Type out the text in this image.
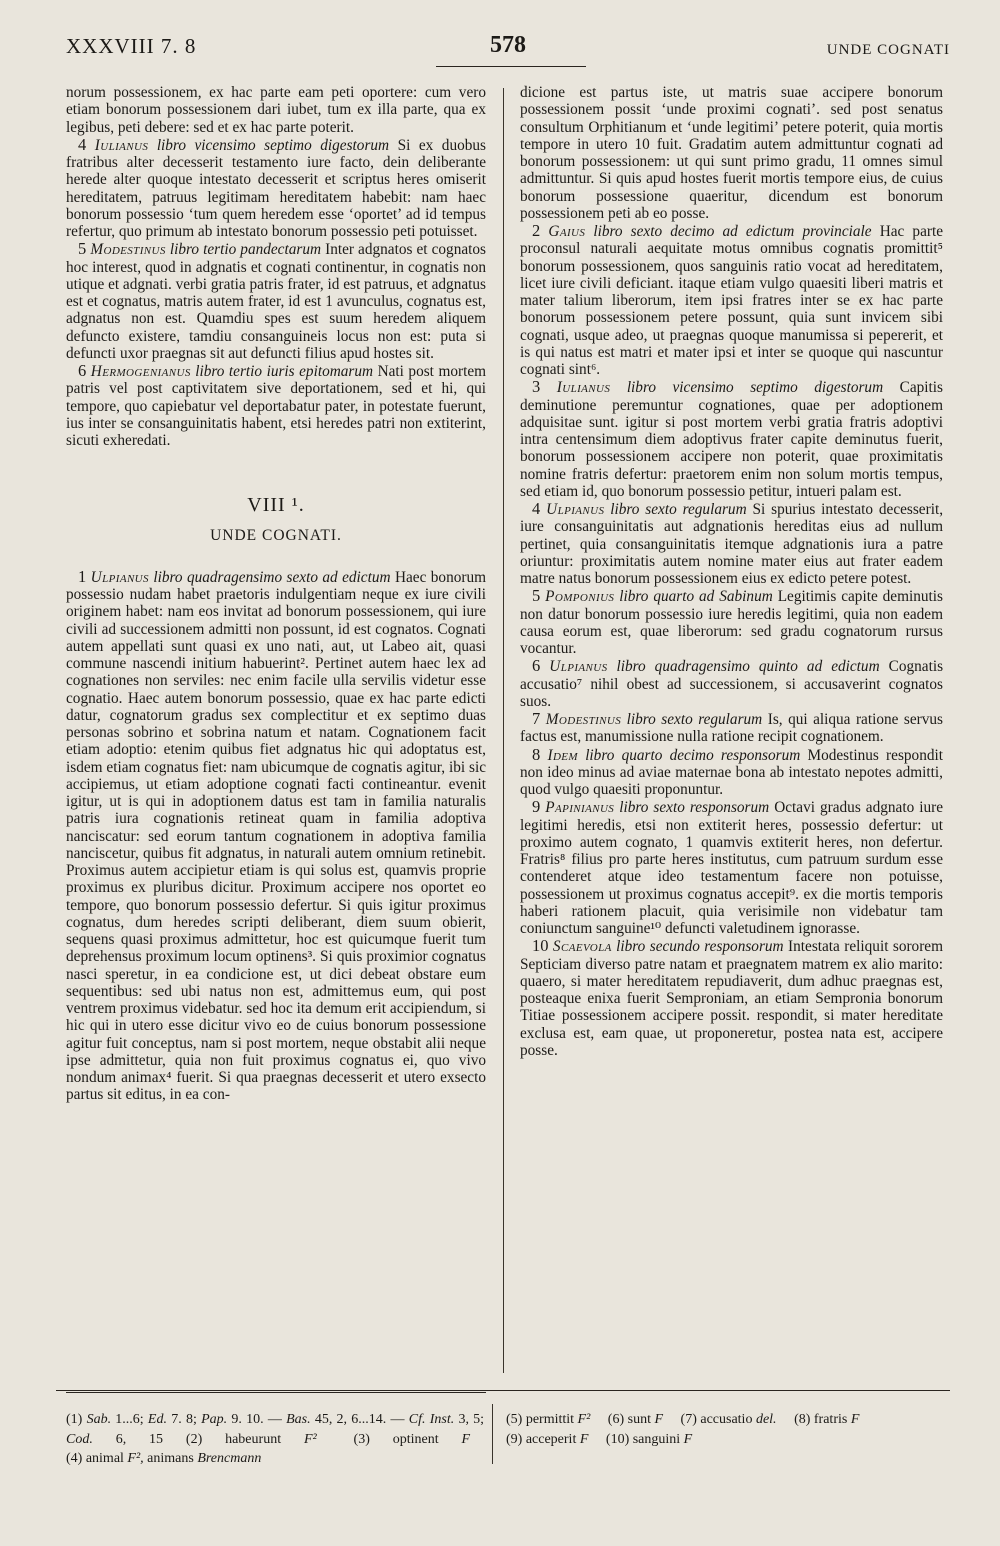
XXXVIII 7. 8	578	UNDE COGNATI

norum possessionem, ex hac parte eam peti oportere: cum vero etiam bonorum possessionem dari iubet, tum ex illa parte, qua ex legibus, peti debere: sed et ex hac parte poterit.

4 Iulianus libro vicensimo septimo digestorum Si ex duobus fratribus alter decesserit testamento iure facto, dein deliberante herede alter quoque intestato decesserit et scriptus heres omiserit hereditatem, patruus legitimam hereditatem habebit: nam haec bonorum possessio ‘tum quem heredem esse ‘oportet’ ad id tempus refertur, quo primum ab intestato bonorum possessio peti potuisset.

5 Modestinus libro tertio pandectarum Inter adgnatos et cognatos hoc interest, quod in adgnatis et cognati continentur, in cognatis non utique et adgnati. verbi gratia patris frater, id est patruus, et adgnatus est et cognatus, matris autem frater, id est 1 avunculus, cognatus est, adgnatus non est. Quamdiu spes est suum heredem aliquem defuncto existere, tamdiu consanguineis locus non est: puta si defuncti uxor praegnas sit aut defuncti filius apud hostes sit.

6 Hermogenianus libro tertio iuris epitomarum Nati post mortem patris vel post captivitatem sive deportationem, sed et hi, qui tempore, quo capiebatur vel deportabatur pater, in potestate fuerunt, ius inter se consanguinitatis habent, etsi heredes patri non extiterint, sicuti exheredati.

VIII ¹.
UNDE COGNATI.

1 Ulpianus libro quadragensimo sexto ad edictum Haec bonorum possessio nudam habet praetoris indulgentiam neque ex iure civili originem habet: nam eos invitat ad bonorum possessionem, qui iure civili ad successionem admitti non possunt, id est cognatos. Cognati autem appellati sunt quasi ex uno nati, aut, ut Labeo ait, quasi commune nascendi initium habuerint². Pertinet autem haec lex ad cognationes non serviles: nec enim facile ulla servilis videtur esse cognatio. Haec autem bonorum possessio, quae ex hac parte edicti datur, cognatorum gradus sex complectitur et ex septimo duas personas sobrino et sobrina natum et natam. Cognationem facit etiam adoptio: etenim quibus fiet adgnatus hic qui adoptatus est, isdem etiam cognatus fiet: nam ubicumque de cognatis agitur, ibi sic accipiemus, ut etiam adoptione cognati facti contineantur. evenit igitur, ut is qui in adoptionem datus est tam in familia naturalis patris iura cognationis retineat quam in familia adoptiva nanciscatur: sed eorum tantum cognationem in adoptiva familia nanciscetur, quibus fit adgnatus, in naturali autem omnium retinebit. Proximus autem accipietur etiam is qui solus est, quamvis proprie proximus ex pluribus dicitur. Proximum accipere nos oportet eo tempore, quo bonorum possessio defertur. Si quis igitur proximus cognatus, dum heredes scripti deliberant, diem suum obierit, sequens quasi proximus admittetur, hoc est quicumque fuerit tum deprehensus proximum locum optinens³. Si quis proximior cognatus nasci speretur, in ea condicione est, ut dici debeat obstare eum sequentibus: sed ubi natus non est, admittemus eum, qui post ventrem proximus videbatur. sed hoc ita demum erit accipiendum, si hic qui in utero esse dicitur vivo eo de cuius bonorum possessione agitur fuit conceptus, nam si post mortem, neque obstabit alii neque ipse admittetur, quia non fuit proximus cognatus ei, quo vivo nondum animax⁴ fuerit. Si qua praegnas decesserit et utero exsecto partus sit editus, in ea con-

dicione est partus iste, ut matris suae accipere bonorum possessionem possit ‘unde proximi cognati’. sed post senatus consultum Orphitianum et ‘unde legitimi’ petere poterit, quia mortis tempore in utero 10 fuit. Gradatim autem admittuntur cognati ad bonorum possessionem: ut qui sunt primo gradu, 11 omnes simul admittuntur. Si quis apud hostes fuerit mortis tempore eius, de cuius bonorum possessione quaeritur, dicendum est bonorum possessionem peti ab eo posse.

2 Gaius libro sexto decimo ad edictum provinciale Hac parte proconsul naturali aequitate motus omnibus cognatis promittit⁵ bonorum possessionem, quos sanguinis ratio vocat ad hereditatem, licet iure civili deficiant. itaque etiam vulgo quaesiti liberi matris et mater talium liberorum, item ipsi fratres inter se ex hac parte bonorum possessionem petere possunt, quia sunt invicem sibi cognati, usque adeo, ut praegnas quoque manumissa si pepererit, et is qui natus est matri et mater ipsi et inter se quoque qui nascuntur cognati sint⁶.

3 Iulianus libro vicensimo septimo digestorum Capitis deminutione peremuntur cognationes, quae per adoptionem adquisitae sunt. igitur si post mortem verbi gratia fratris adoptivi intra centensimum diem adoptivus frater capite deminutus fuerit, bonorum possessionem accipere non poterit, quae proximitatis nomine fratris defertur: praetorem enim non solum mortis tempus, sed etiam id, quo bonorum possessio petitur, intueri palam est.

4 Ulpianus libro sexto regularum Si spurius intestato decesserit, iure consanguinitatis aut adgnationis hereditas eius ad nullum pertinet, quia consanguinitatis itemque adgnationis iura a patre oriuntur: proximitatis autem nomine mater eius aut frater eadem matre natus bonorum possessionem eius ex edicto petere potest.

5 Pomponius libro quarto ad Sabinum Legitimis capite deminutis non datur bonorum possessio iure heredis legitimi, quia non eadem causa eorum est, quae liberorum: sed gradu cognatorum rursus vocantur.

6 Ulpianus libro quadragensimo quinto ad edictum Cognatis accusatio⁷ nihil obest ad successionem, si accusaverint cognatos suos.

7 Modestinus libro sexto regularum Is, qui aliqua ratione servus factus est, manumissione nulla ratione recipit cognationem.

8 Idem libro quarto decimo responsorum Modestinus respondit non ideo minus ad aviae maternae bona ab intestato nepotes admitti, quod vulgo quaesiti proponuntur.

9 Papinianus libro sexto responsorum Octavi gradus adgnato iure legitimi heredis, etsi non extiterit heres, possessio defertur: ut proximo autem cognato, 1 quamvis extiterit heres, non defertur. Fratris⁸ filius pro parte heres institutus, cum patruum surdum esse contenderet atque ideo testamentum facere non potuisse, possessionem ut proximus cognatus accepit⁹. ex die mortis temporis haberi rationem placuit, quia verisimile non videbatur tam coniunctum sanguine¹⁰ defuncti valetudinem ignorasse.

10 Scaevola libro secundo responsorum Intestata reliquit sororem Septiciam diverso patre natam et praegnatem matrem ex alio marito: quaero, si mater hereditatem repudiaverit, dum adhuc praegnas est, posteaque enixa fuerit Semproniam, an etiam Sempronia bonorum Titiae possessionem accipere possit. respondit, si mater hereditate exclusa est, eam quae, ut proponeretur, postea nata est, accipere posse.

(1) Sab. 1...6; Ed. 7. 8; Pap. 9. 10. — Bas. 45, 2, 6...14. — Cf. Inst. 3, 5; Cod. 6, 15 (2) habeurunt F²	(3) optinent F (4) animal F², animans Brencmann
(5) permittit F² (6) sunt F (7) accusatio del. (8) fratris F
(9) acceperit F (10) sanguini F
